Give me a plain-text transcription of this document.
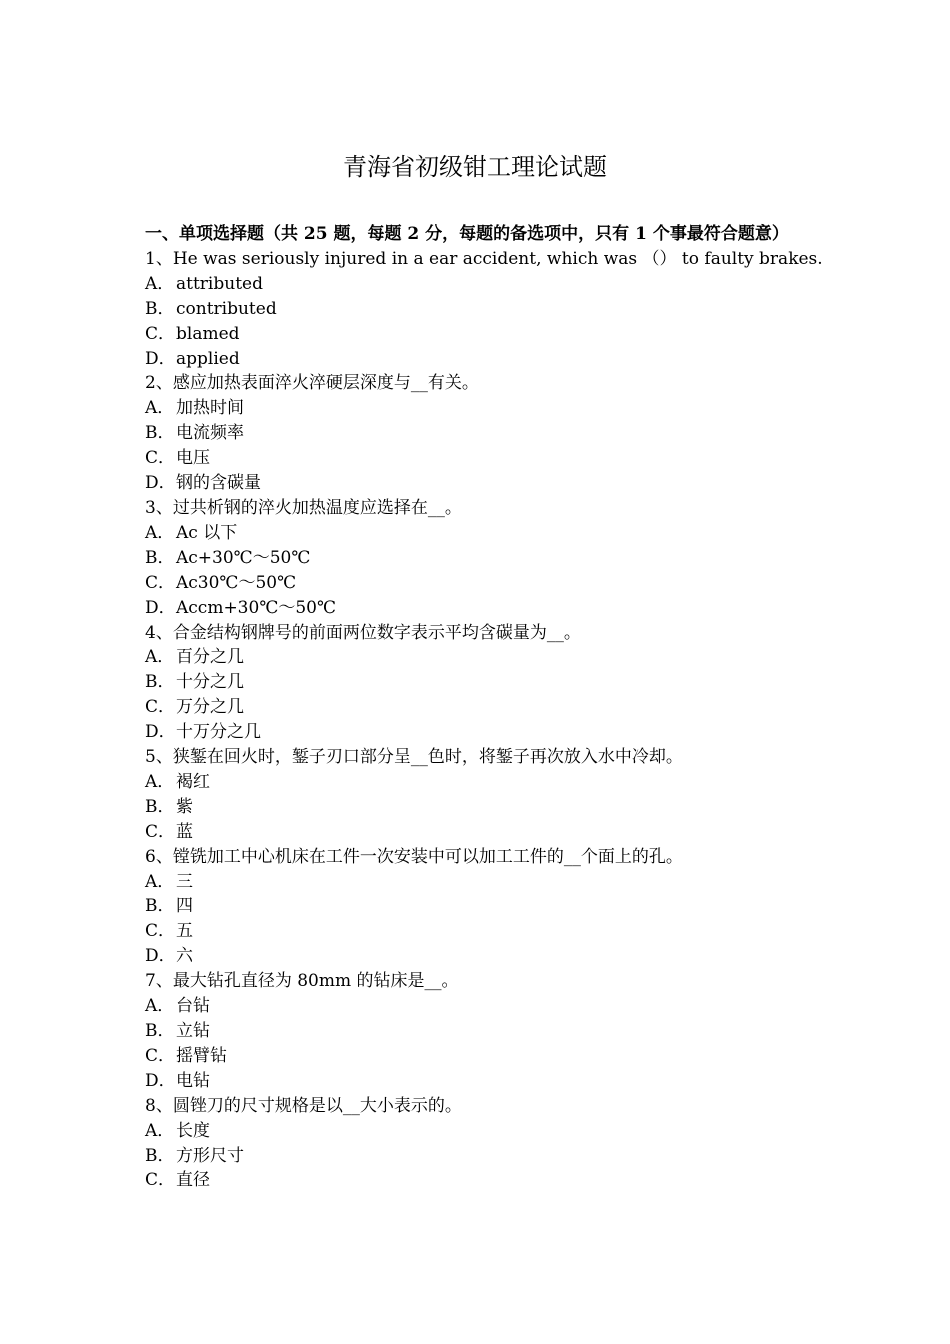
青海省初级钳工理论试题

一、单项选择题（共 25 题，每题 2 分，每题的备选项中，只有 1 个事最符合题意）

1、He was seriously injured in a ear accident, which was （） to faulty brakes.

A． attributed

B．contributed

C．blamed

D．applied

2、感应加热表面淬火淬硬层深度与__有关。

A． 加热时间

B．电流频率

C．电压

D．钢的含碳量

3、过共析钢的淬火加热温度应选择在__。

A． Ac 以下

B．Ac+30℃～50℃

C．Ac30℃～50℃

D．Accm+30℃～50℃

4、合金结构钢牌号的前面两位数字表示平均含碳量为__。

A． 百分之几

B．十分之几

C．万分之几

D．十万分之几

5、狭錾在回火时，錾子刃口部分呈__色时，将錾子再次放入水中冷却。

A． 褐红

B．紫

C．蓝

6、镗铣加工中心机床在工件一次安装中可以加工工件的__个面上的孔。

A． 三

B．四

C．五

D．六

7、最大钻孔直径为 80mm 的钻床是__。

A． 台钻

B．立钻

C．摇臂钻

D．电钻

8、圆锉刀的尺寸规格是以__大小表示的。

A． 长度

B．方形尺寸

C．直径
